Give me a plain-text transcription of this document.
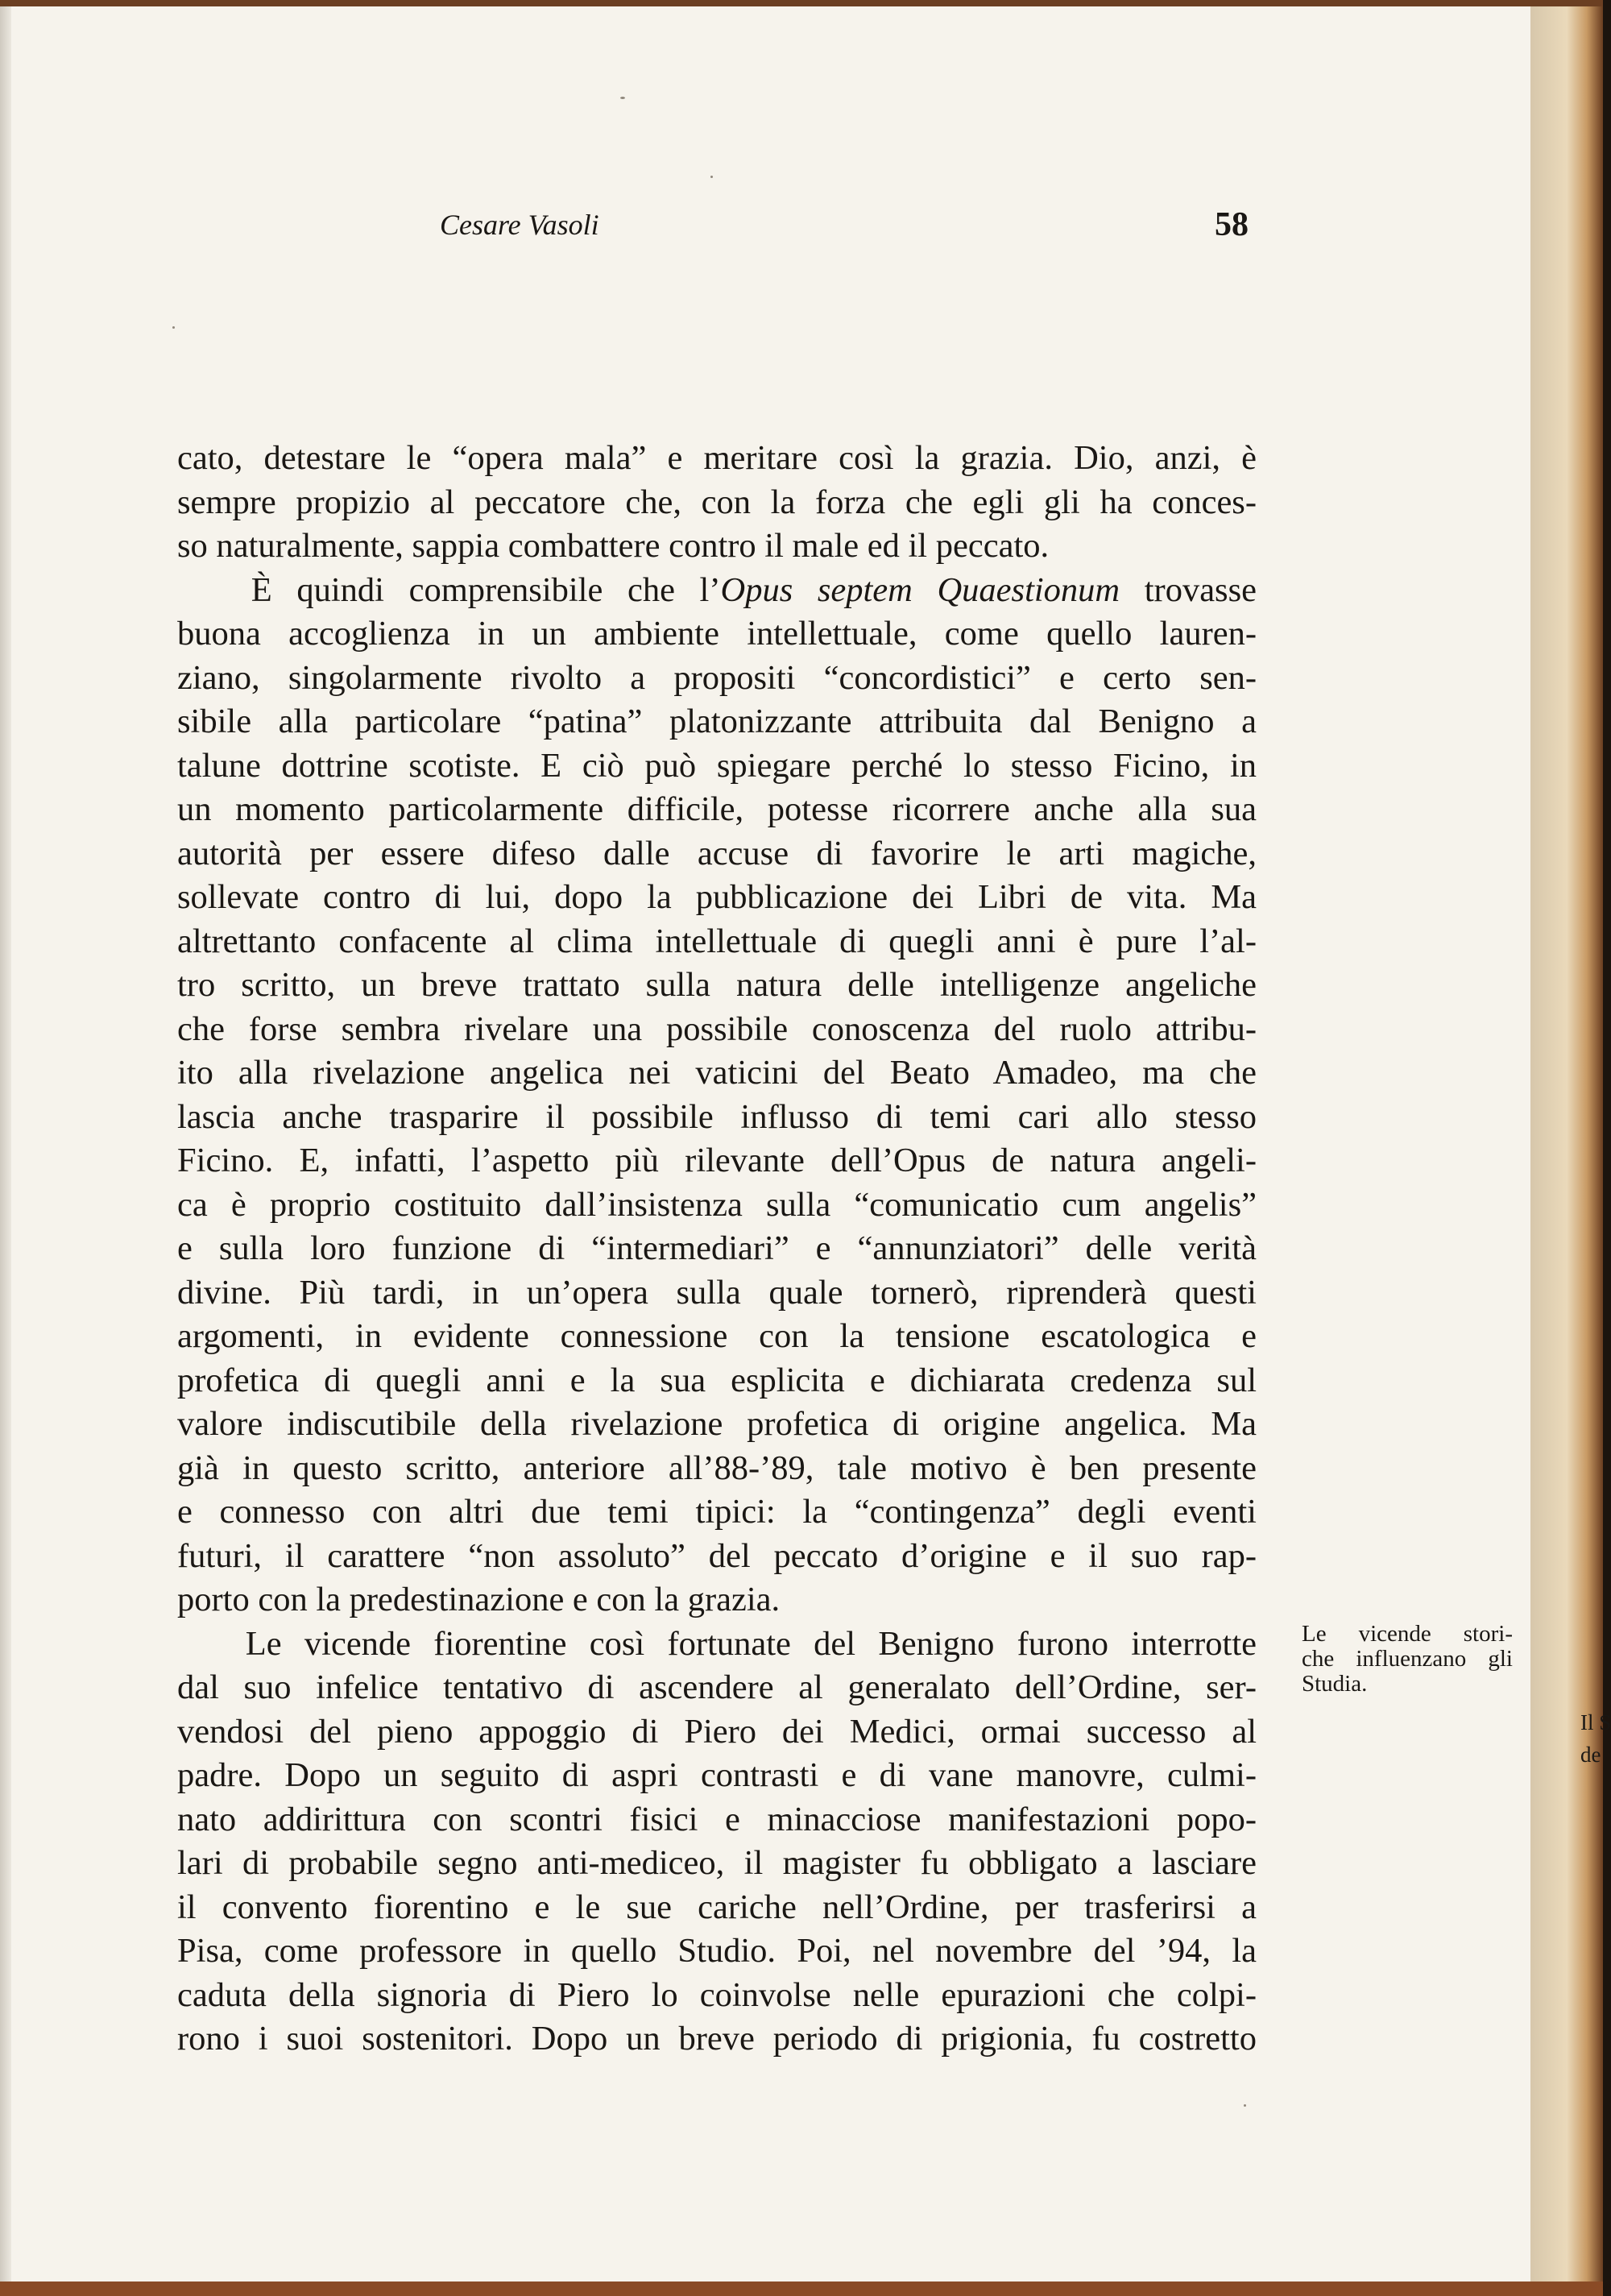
Cesare Vasoli	58
cato, detestare le “opera mala” e meritare così la grazia. Dio, anzi, è
sempre propizio al peccatore che, con la forza che egli gli ha conces-
so naturalmente, sappia combattere contro il male ed il peccato.
È quindi comprensibile che l’Opus septem Quaestionum trovasse
buona accoglienza in un ambiente intellettuale, come quello lauren-
ziano, singolarmente rivolto a propositi “concordistici” e certo sen-
sibile alla particolare “patina” platonizzante attribuita dal Benigno a
talune dottrine scotiste. E ciò può spiegare perché lo stesso Ficino, in
un momento particolarmente difficile, potesse ricorrere anche alla sua
autorità per essere difeso dalle accuse di favorire le arti magiche,
sollevate contro di lui, dopo la pubblicazione dei Libri de vita. Ma
altrettanto confacente al clima intellettuale di quegli anni è pure l’al-
tro scritto, un breve trattato sulla natura delle intelligenze angeliche
che forse sembra rivelare una possibile conoscenza del ruolo attribu-
ito alla rivelazione angelica nei vaticini del Beato Amadeo, ma che
lascia anche trasparire il possibile influsso di temi cari allo stesso
Ficino. E, infatti, l’aspetto più rilevante dell’Opus de natura angeli-
ca è proprio costituito dall’insistenza sulla “comunicatio cum angelis”
e sulla loro funzione di “intermediari” e “annunziatori” delle verità
divine. Più tardi, in un’opera sulla quale tornerò, riprenderà questi
argomenti, in evidente connessione con la tensione escatologica e
profetica di quegli anni e la sua esplicita e dichiarata credenza sul
valore indiscutibile della rivelazione profetica di origine angelica. Ma
già in questo scritto, anteriore all’88-’89, tale motivo è ben presente
e connesso con altri due temi tipici: la “contingenza” degli eventi
futuri, il carattere “non assoluto” del peccato d’origine e il suo rap-
porto con la predestinazione e con la grazia.
Le vicende fiorentine così fortunate del Benigno furono interrotte
dal suo infelice tentativo di ascendere al generalato dell’Ordine, ser-
vendosi del pieno appoggio di Piero dei Medici, ormai successo al
padre. Dopo un seguito di aspri contrasti e di vane manovre, culmi-
nato addirittura con scontri fisici e minacciose manifestazioni popo-
lari di probabile segno anti-mediceo, il magister fu obbligato a lasciare
il convento fiorentino e le sue cariche nell’Ordine, per trasferirsi a
Pisa, come professore in quello Studio. Poi, nel novembre del ’94, la
caduta della signoria di Piero lo coinvolse nelle epurazioni che colpi-
rono i suoi sostenitori. Dopo un breve periodo di prigionia, fu costretto
Le vicende stori-
che influenzano gli
Studia.
Il S
de
